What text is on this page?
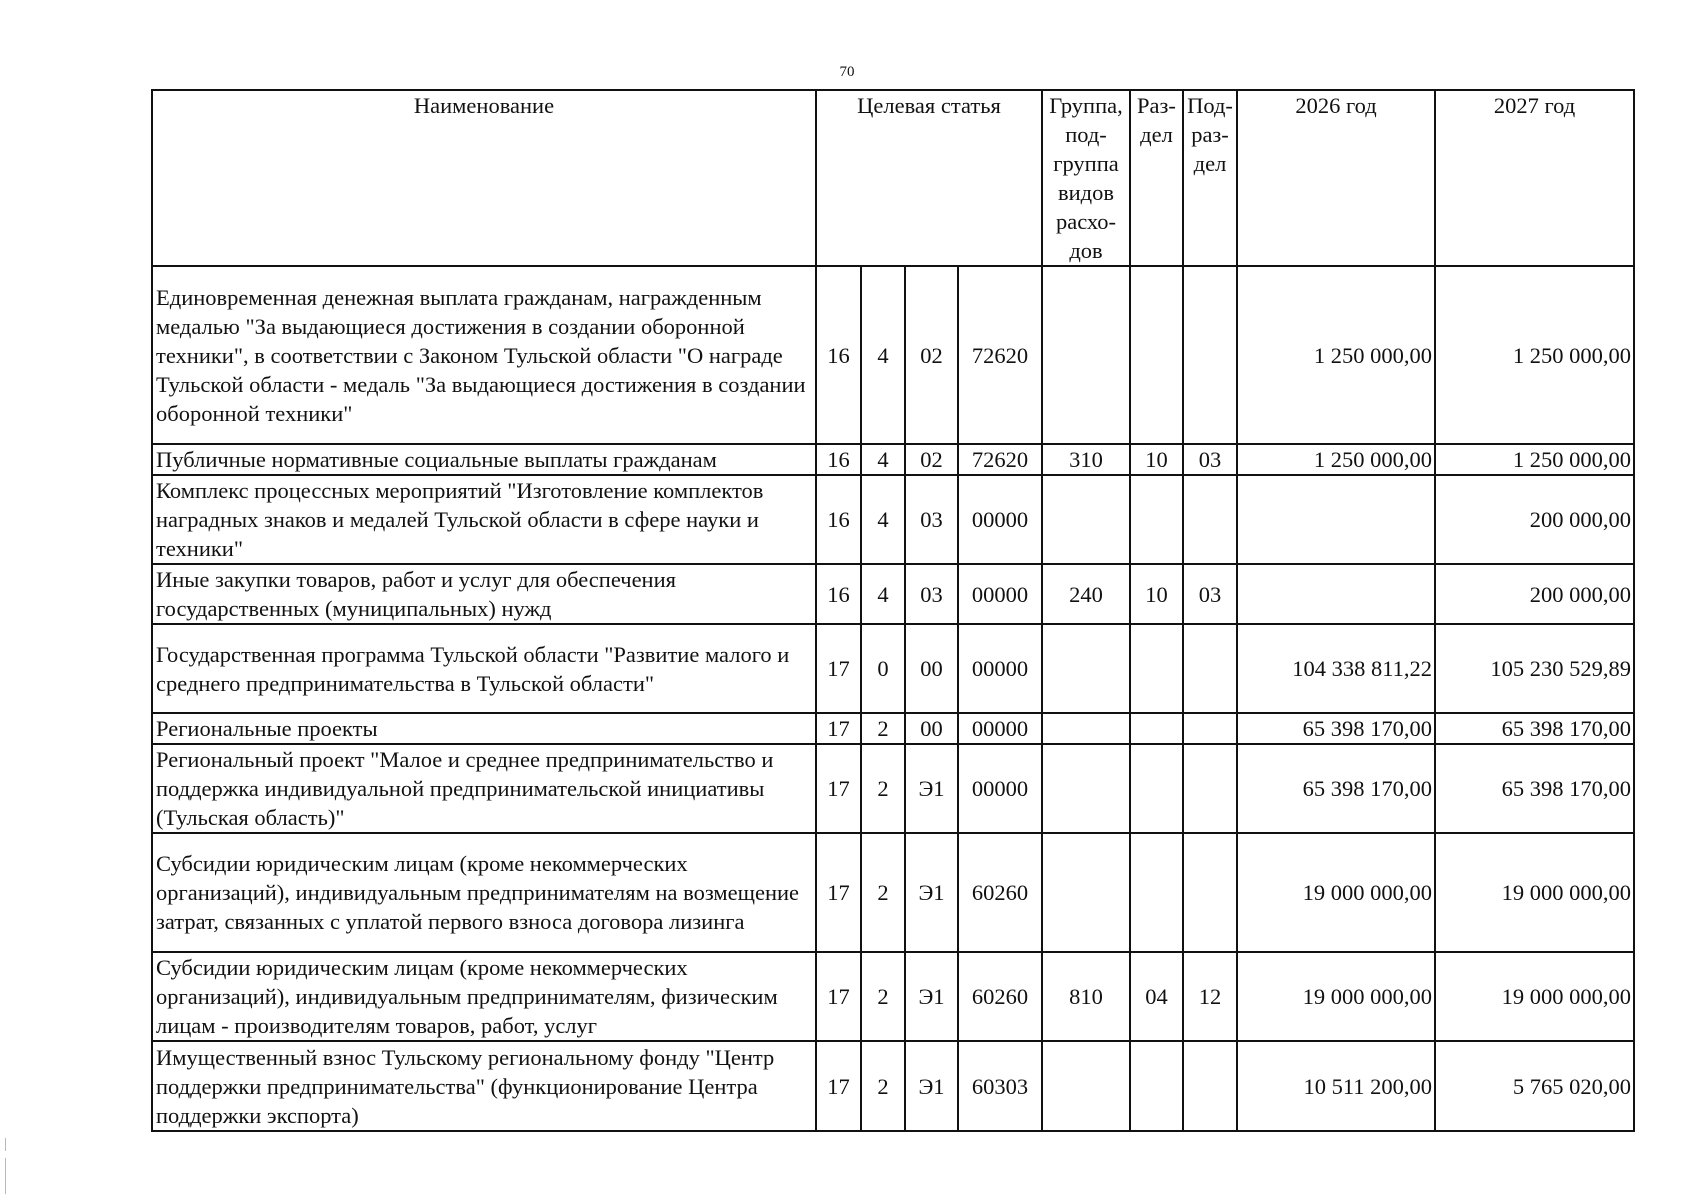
70
Наименование	Целевая статья				Группа, под-группа видов расхо-дов	Раз-дел	Под-раз-дел	2026 год	2027 год
Единовременная денежная выплата гражданам, награжденным медалью "За выдающиеся достижения в создании оборонной техники", в соответствии с Законом Тульской области "О награде Тульской области - медаль "За выдающиеся достижения в создании оборонной техники"	16	4	02	72620				1 250 000,00	1 250 000,00
Публичные нормативные социальные выплаты гражданам	16	4	02	72620	310	10	03	1 250 000,00	1 250 000,00
Комплекс процессных мероприятий "Изготовление комплектов наградных знаков и медалей Тульской области в сфере науки и техники"	16	4	03	00000					200 000,00
Иные закупки товаров, работ и услуг для обеспечения государственных (муниципальных) нужд	16	4	03	00000	240	10	03		200 000,00
Государственная программа Тульской области "Развитие малого и среднего предпринимательства в Тульской области"	17	0	00	00000				104 338 811,22	105 230 529,89
Региональные проекты	17	2	00	00000				65 398 170,00	65 398 170,00
Региональный проект "Малое и среднее предпринимательство и поддержка индивидуальной предпринимательской инициативы (Тульская область)"	17	2	Э1	00000				65 398 170,00	65 398 170,00
Субсидии юридическим лицам (кроме некоммерческих организаций), индивидуальным предпринимателям на возмещение затрат, связанных с уплатой первого взноса договора лизинга	17	2	Э1	60260				19 000 000,00	19 000 000,00
Субсидии юридическим лицам (кроме некоммерческих организаций), индивидуальным предпринимателям, физическим лицам - производителям товаров, работ, услуг	17	2	Э1	60260	810	04	12	19 000 000,00	19 000 000,00
Имущественный взнос Тульскому региональному фонду "Центр поддержки предпринимательства" (функционирование Центра поддержки экспорта)	17	2	Э1	60303				10 511 200,00	5 765 020,00
